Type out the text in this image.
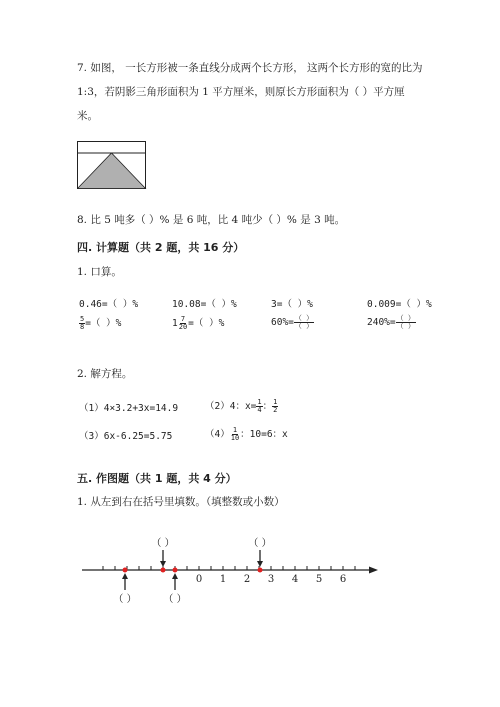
7. 如图， 一长方形被一条直线分成两个长方形， 这两个长方形的宽的比为
1:3，若阴影三角形面积为 1 平方厘米，则原长方形面积为（ ）平方厘
米。
8. 比 5 吨多（ ）% 是 6 吨，比 4 吨少（ ）% 是 3 吨。
四. 计算题（共 2 题，共 16 分）
1. 口算。
0.46=（ ）%	10.08=（ ）%	3=（ ）%	0.009=（ ）%
$\frac{5}{8}$ =（ ）%	$1 \frac{7}{20}$ =（ ）%	$60\%= \frac{( )}{( )}$	$240\%= \frac{( )}{( )}$
2. 解方程。
（1）4×3.2+3x=14.9	（2）4：$x= \frac{1}{4}$ ： $\frac{1}{2}$
（3）6x-6.25=5.75	$(4) \frac{1}{10}$ ：10=6：x
五. 作图题（共 1 题，共 4 分）
1. 从左到右在括号里填数。（填整数或小数）
0 1 2 3 4 5 6
（ ）	（ ）
（ ）	（ ）
